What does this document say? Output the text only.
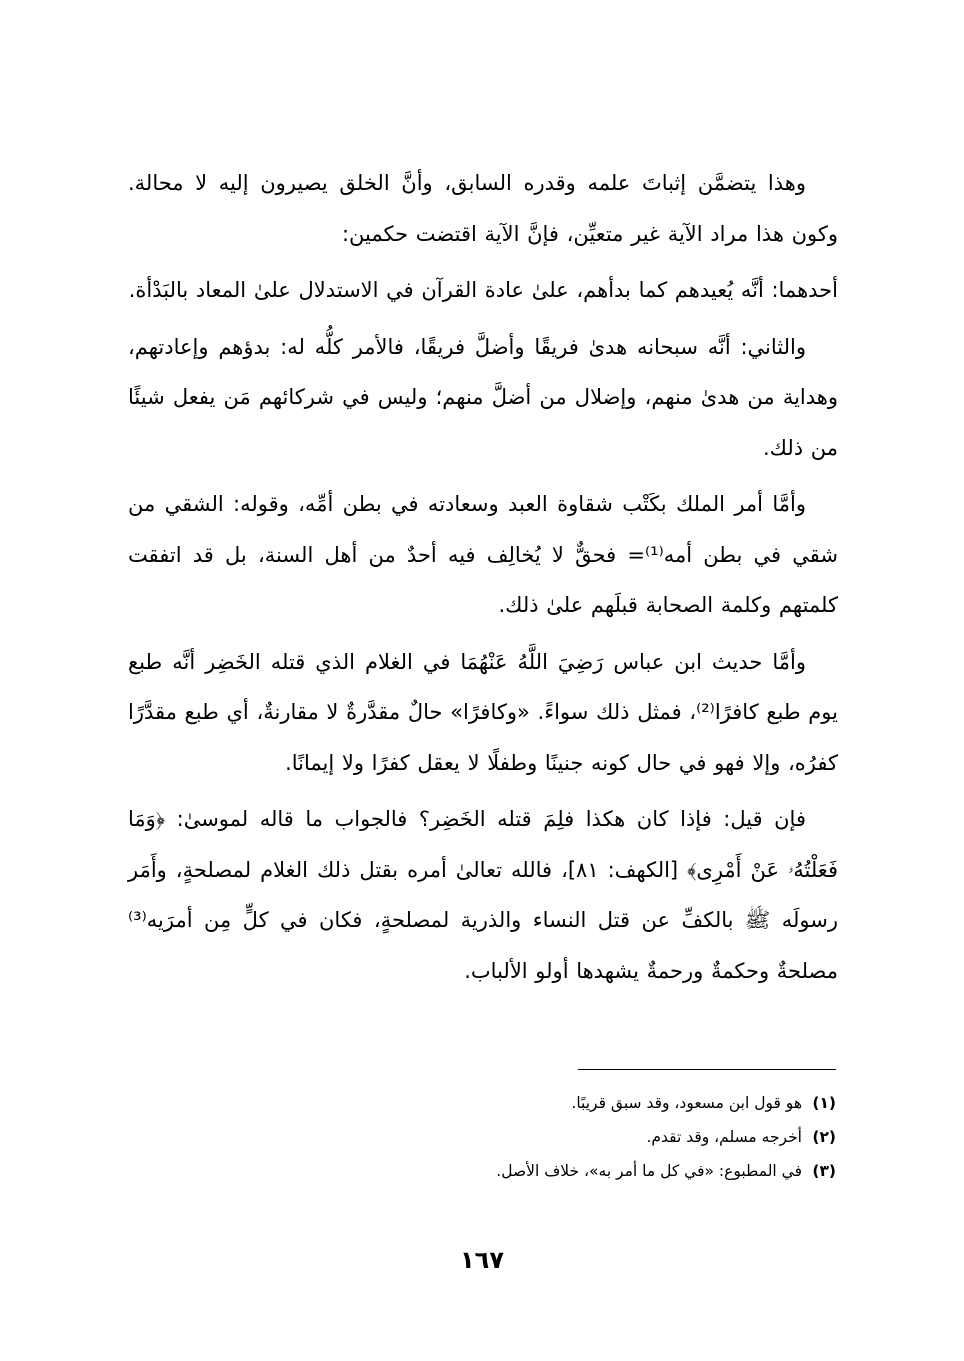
وهذا يتضمَّن إثباتَ علمه وقدره السابق، وأنَّ الخلق يصيرون إليه لا محالة. وكون هذا مراد الآية غير متعيِّن، فإنَّ الآية اقتضت حكمين:

أحدهما: أنَّه يُعيدهم كما بدأهم، علىٰ عادة القرآن في الاستدلال علىٰ المعاد بالبَدْأة.

والثاني: أنَّه سبحانه هدىٰ فريقًا وأضلَّ فريقًا، فالأمر كلُّه له: بدؤهم وإعادتهم، وهداية من هدىٰ منهم، وإضلال من أضلَّ منهم؛ وليس في شركائهم مَن يفعل شيئًا من ذلك.

وأمَّا أمر الملك بكَتْب شقاوة العبد وسعادته في بطن أمِّه، وقوله: الشقي من شقي في بطن أمه⁽¹⁾= فحقٌّ لا يُخالِف فيه أحدٌ من أهل السنة، بل قد اتفقت كلمتهم وكلمة الصحابة قبلَهم علىٰ ذلك.

وأمَّا حديث ابن عباس رَضِيَ اللَّهُ عَنْهُمَا في الغلام الذي قتله الخَضِر أنَّه طبع يوم طبع كافرًا⁽²⁾، فمثل ذلك سواءً. «وكافرًا» حالٌ مقدَّرةٌ لا مقارنةٌ، أي طبع مقدَّرًا كفرُه، وإلا فهو في حال كونه جنينًا وطفلًا لا يعقل كفرًا ولا إيمانًا.

فإن قيل: فإذا كان هكذا فلِمَ قتله الخَضِر؟ فالجواب ما قاله لموسىٰ: ﴿وَمَا فَعَلْتُهُۥ عَنْ أَمْرِى﴾ [الكهف: ٨١]، فالله تعالىٰ أمره بقتل ذلك الغلام لمصلحةٍ، وأَمَر رسولَه ﷺ بالكفِّ عن قتل النساء والذرية لمصلحةٍ، فكان في كلٍّ مِن أمرَيه⁽³⁾ مصلحةٌ وحكمةٌ ورحمةٌ يشهدها أولو الألباب.

(١)
هو قول ابن مسعود، وقد سبق قريبًا.
(٢)
أخرجه مسلم، وقد تقدم.
(٣)
في المطبوع: «في كل ما أمر به»، خلاف الأصل.
١٦٧
